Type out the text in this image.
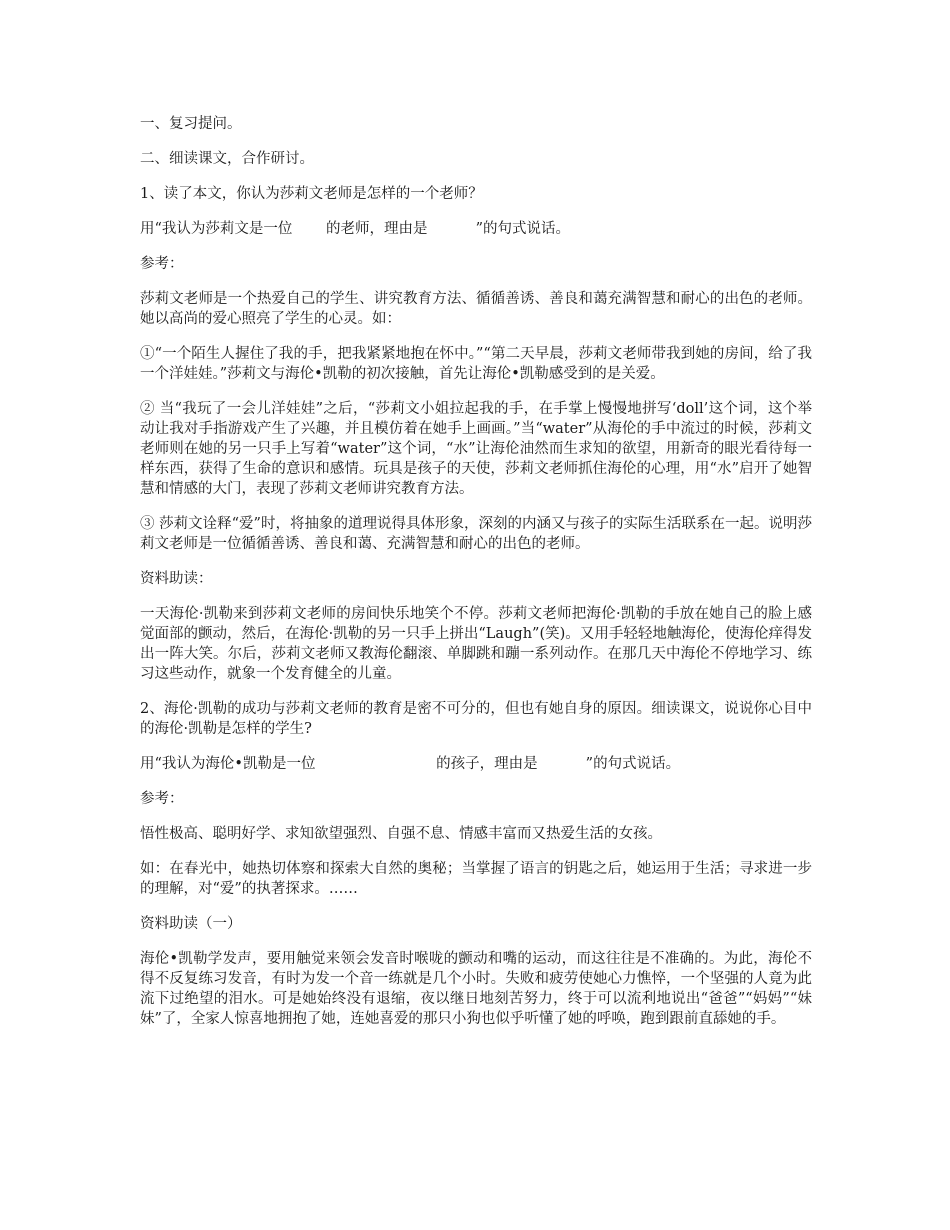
一、复习提问。

二、细读课文，合作研讨。

1、读了本文，你认为莎莉文老师是怎样的一个老师？

用“我认为莎莉文是一位　　 的老师，理由是　　　 ”的句式说话。

参考：

莎莉文老师是一个热爱自己的学生、讲究教育方法、循循善诱、善良和蔼充满智慧和耐心的出色的老师。她以高尚的爱心照亮了学生的心灵。如：

①“一个陌生人握住了我的手，把我紧紧地抱在怀中。”“第二天早晨，莎莉文老师带我到她的房间，给了我一个洋娃娃。”莎莉文与海伦•凯勒的初次接触，首先让海伦•凯勒感受到的是关爱。

② 当“我玩了一会儿洋娃娃”之后，“莎莉文小姐拉起我的手，在手掌上慢慢地拼写‘doll’这个词，这个举动让我对手指游戏产生了兴趣，并且模仿着在她手上画画。”当“water”从海伦的手中流过的时候，莎莉文老师则在她的另一只手上写着“water”这个词，“水”让海伦油然而生求知的欲望，用新奇的眼光看待每一样东西，获得了生命的意识和感情。玩具是孩子的天使，莎莉文老师抓住海伦的心理，用“水”启开了她智慧和情感的大门，表现了莎莉文老师讲究教育方法。

③ 莎莉文诠释“爱”时，将抽象的道理说得具体形象，深刻的内涵又与孩子的实际生活联系在一起。说明莎莉文老师是一位循循善诱、善良和蔼、充满智慧和耐心的出色的老师。

资料助读：

一天海伦·凯勒来到莎莉文老师的房间快乐地笑个不停。莎莉文老师把海伦·凯勒的手放在她自己的脸上感觉面部的颤动，然后，在海伦·凯勒的另一只手上拼出“Laugh”(笑)。又用手轻轻地触海伦，使海伦痒得发出一阵大笑。尔后，莎莉文老师又教海伦翻滚、单脚跳和蹦一系列动作。在那几天中海伦不停地学习、练习这些动作，就象一个发育健全的儿童。

2、海伦·凯勒的成功与莎莉文老师的教育是密不可分的，但也有她自身的原因。细读课文，说说你心目中的海伦·凯勒是怎样的学生?

用“我认为海伦•凯勒是一位　　　　　　　　 的孩子，理由是　　　 ”的句式说话。

参考：

悟性极高、聪明好学、求知欲望强烈、自强不息、情感丰富而又热爱生活的女孩。

如：在春光中，她热切体察和探索大自然的奥秘；当掌握了语言的钥匙之后，她运用于生活；寻求进一步的理解，对“爱”的执著探求。……

资料助读（一）

海伦•凯勒学发声，要用触觉来领会发音时喉咙的颤动和嘴的运动，而这往往是不准确的。为此，海伦不得不反复练习发音，有时为发一个音一练就是几个小时。失败和疲劳使她心力憔悴，一个坚强的人竟为此流下过绝望的泪水。可是她始终没有退缩，夜以继日地刻苦努力，终于可以流利地说出“爸爸”“妈妈”“妹妹”了，全家人惊喜地拥抱了她，连她喜爱的那只小狗也似乎听懂了她的呼唤，跑到跟前直舔她的手。
